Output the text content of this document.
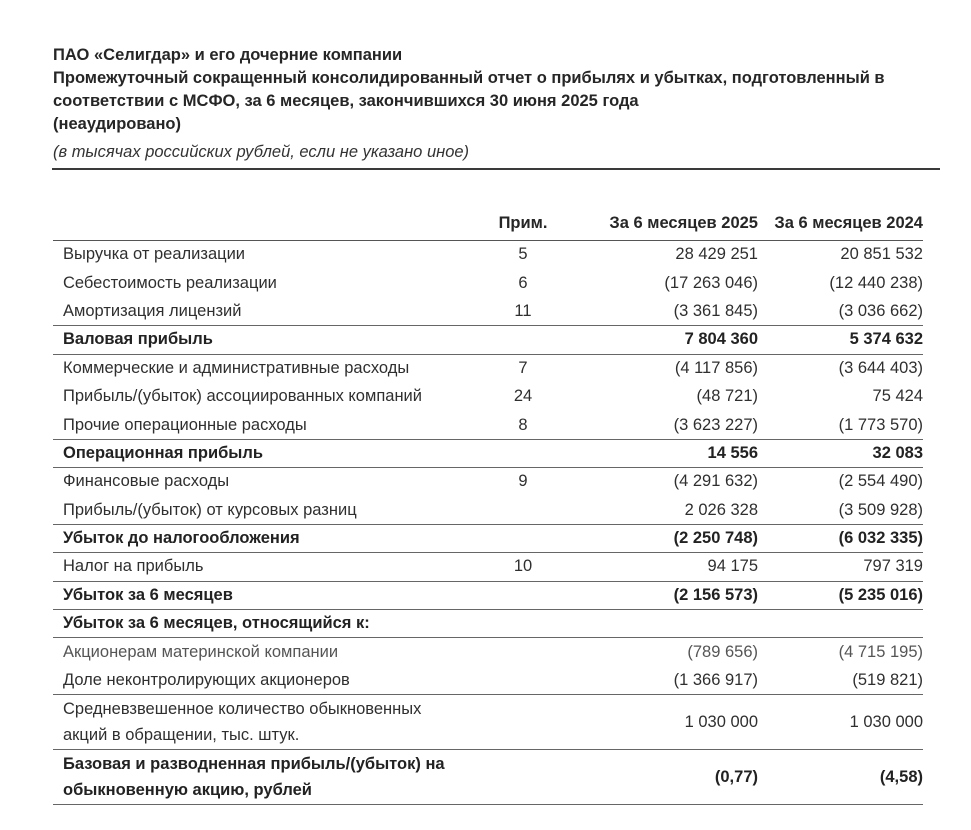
ПАО «Селигдар» и его дочерние компании
Промежуточный сокращенный консолидированный отчет о прибылях и убытках, подготовленный в
соответствии с МСФО, за 6 месяцев, закончившихся 30 июня 2025 года
(неаудировано)
(в тысячах российских рублей, если не указано иное)
	Прим.	За 6 месяцев 2025	За 6 месяцев 2024
Выручка от реализации	5	28 429 251	20 851 532
Себестоимость реализации	6	(17 263 046)	(12 440 238)
Амортизация лицензий	11	(3 361 845)	(3 036 662)
Валовая прибыль		7 804 360	5 374 632
Коммерческие и административные расходы	7	(4 117 856)	(3 644 403)
Прибыль/(убыток) ассоциированных компаний	24	(48 721)	75 424
Прочие операционные расходы	8	(3 623 227)	(1 773 570)
Операционная прибыль		14 556	32 083
Финансовые расходы	9	(4 291 632)	(2 554 490)
Прибыль/(убыток) от курсовых разниц		2 026 328	(3 509 928)
Убыток до налогообложения		(2 250 748)	(6 032 335)
Налог на прибыль	10	94 175	797 319
Убыток за 6 месяцев		(2 156 573)	(5 235 016)
Убыток за 6 месяцев, относящийся к:			
Акционерам материнской компании		(789 656)	(4 715 195)
Доле неконтролирующих акционеров		(1 366 917)	(519 821)

Средневзвешенное количество обыкновенных
акций в обращении, тыс. штук.		1 030 000	1 030 000

Базовая и разводненная прибыль/(убыток) на
обыкновенную акцию, рублей		(0,77)	(4,58)
